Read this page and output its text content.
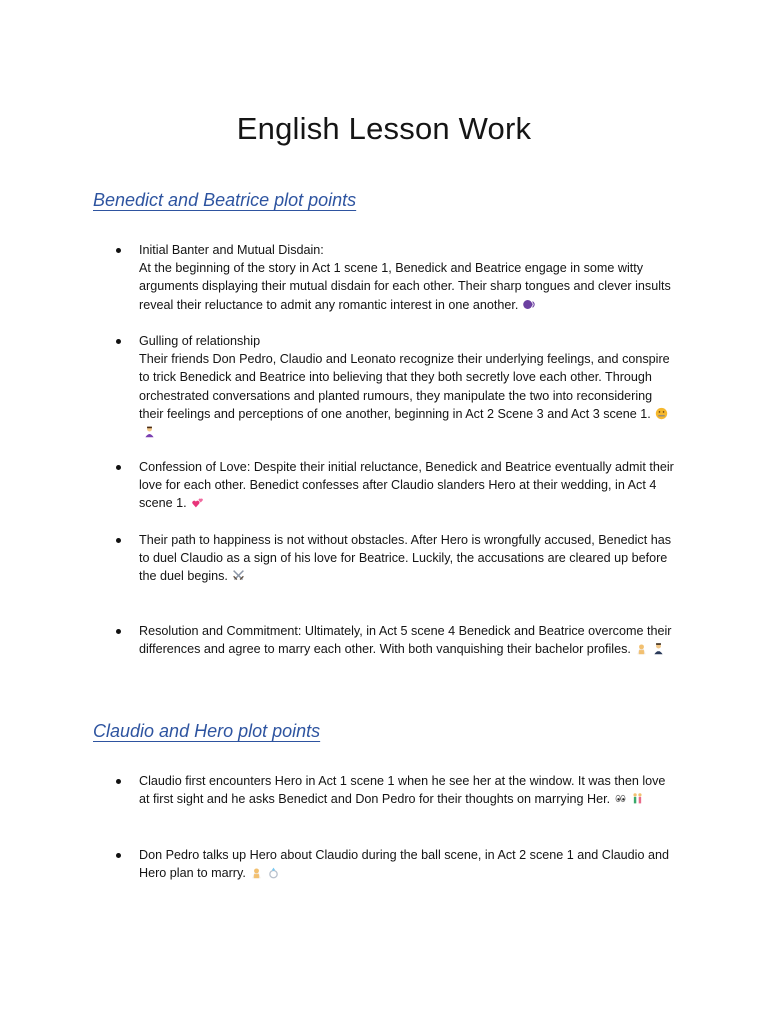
English Lesson Work
Benedict and Beatrice plot points
Initial Banter and Mutual Disdain:
At the beginning of the story in Act 1 scene 1, Benedick and Beatrice engage in some witty arguments displaying their mutual disdain for each other. Their sharp tongues and clever insults reveal their reluctance to admit any romantic interest in one another.
Gulling of relationship
Their friends Don Pedro, Claudio and Leonato recognize their underlying feelings, and conspire to trick Benedick and Beatrice into believing that they both secretly love each other. Through orchestrated conversations and planted rumours, they manipulate the two into reconsidering their feelings and perceptions of one another, beginning in Act 2 Scene 3 and Act 3 scene 1.
Confession of Love: Despite their initial reluctance, Benedick and Beatrice eventually admit their love for each other. Benedict confesses after Claudio slanders Hero at their wedding, in Act 4 scene 1.
Their path to happiness is not without obstacles. After Hero is wrongfully accused, Benedict has to duel Claudio as a sign of his love for Beatrice. Luckily, the accusations are cleared up before the duel begins.
Resolution and Commitment: Ultimately, in Act 5 scene 4 Benedick and Beatrice overcome their differences and agree to marry each other. With both vanquishing their bachelor profiles.
Claudio and Hero plot points
Claudio first encounters Hero in Act 1 scene 1 when he see her at the window. It was then love at first sight and he asks Benedict and Don Pedro for their thoughts on marrying Her.
Don Pedro talks up Hero about Claudio during the ball scene, in Act 2 scene 1 and Claudio and Hero plan to marry.
